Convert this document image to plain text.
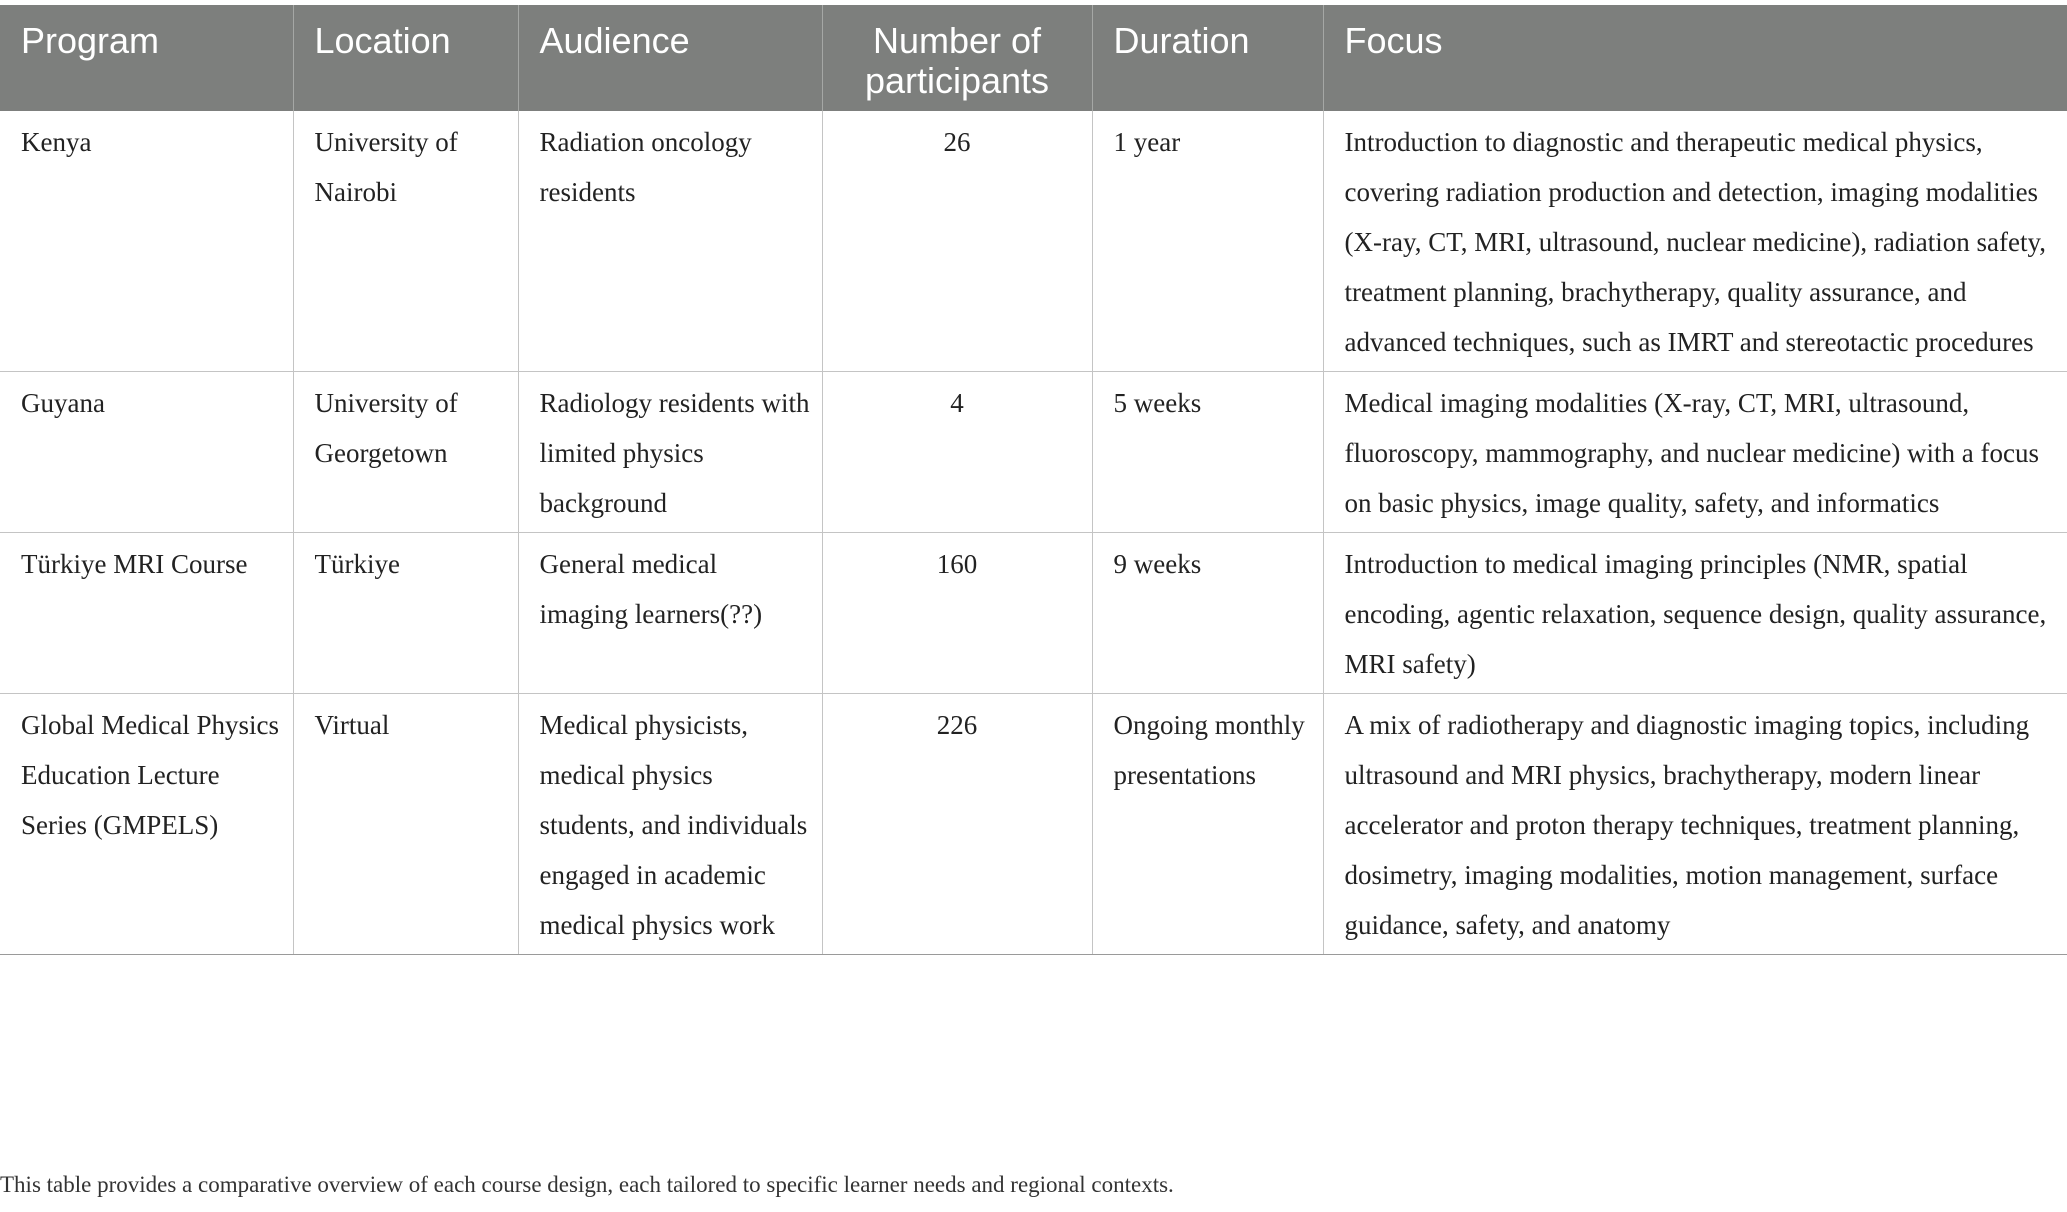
Program	Location	Audience	Number of participants	Duration	Focus
Kenya	University of Nairobi	Radiation oncology residents	26	1 year	Introduction to diagnostic and therapeutic medical physics, covering radiation production and detection, imaging modalities (X-ray, CT, MRI, ultrasound, nuclear medicine), radiation safety, treatment planning, brachytherapy, quality assurance, and advanced techniques, such as IMRT and stereotactic procedures
Guyana	University of Georgetown	Radiology residents with limited physics background	4	5 weeks	Medical imaging modalities (X-ray, CT, MRI, ultrasound, fluoroscopy, mammography, and nuclear medicine) with a focus on basic physics, image quality, safety, and informatics
Türkiye MRI Course	Türkiye	General medical imaging learners(??)	160	9 weeks	Introduction to medical imaging principles (NMR, spatial encoding, agentic relaxation, sequence design, quality assurance, MRI safety)
Global Medical Physics Education Lecture Series (GMPELS)	Virtual	Medical physicists, medical physics students, and individuals engaged in academic medical physics work	226	Ongoing monthly presentations	A mix of radiotherapy and diagnostic imaging topics, including ultrasound and MRI physics, brachytherapy, modern linear accelerator and proton therapy techniques, treatment planning, dosimetry, imaging modalities, motion management, surface guidance, safety, and anatomy
This table provides a comparative overview of each course design, each tailored to specific learner needs and regional contexts.
